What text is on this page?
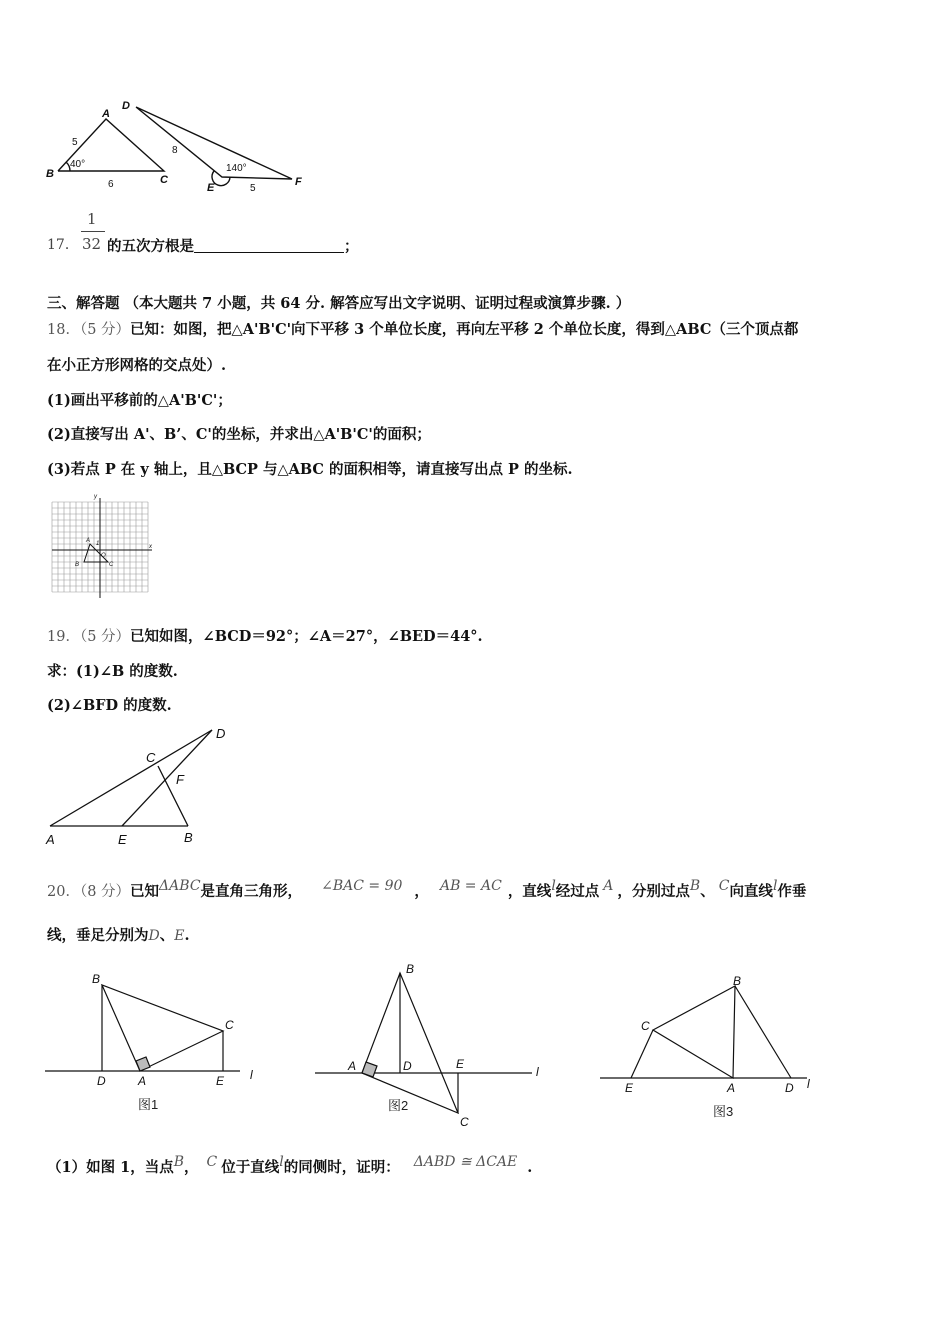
A
B	C
D
E	F
5
6
40°
8
140°
5
17．
1
32 的五次方根是	；
三、解答题 （本大题共 7 小题，共 64 分. 解答应写出文字说明、证明过程或演算步骤. ）
18．（5 分）已知：如图，把△A'B'C'向下平移 3 个单位长度，再向左平移 2 个单位长度，得到△ABC（三个顶点都
在小正方形网格的交点处）.
(1)画出平移前的△A'B'C'；
(2)直接写出 A'、B’、C'的坐标，并求出△A'B'C'的面积；
(3)若点 P 在 y 轴上，且△BCP 与△ABC 的面积相等，请直接写出点 P 的坐标.
x
y
O
1
A
B	C
19．（5 分）已知如图，∠BCD＝92°；∠A＝27°，∠BED＝44°.
求：(1)∠B 的度数.
(2)∠BFD 的度数.
A	B
C
D
E
F
20．（8 分）已知$^{\Delta ABC}$是直角三角形， $^{\angle BAC = 90}$ ， $^{AB = AC}$ ，直线$^l$经过点 $^A$ ，分别过点$^B$、 $^C$向直线$^l$作垂
线，垂足分别为D、E.
B
C
D	A	E l
图1
B
A	D	E
C
l
图2
B
C
E	A	D l
图3
（1）如图 1，当点$^B$， $^C$ 位于直线$^l$的同侧时，证明： $^{\Delta ABD ≅ \Delta CAE}$ .
